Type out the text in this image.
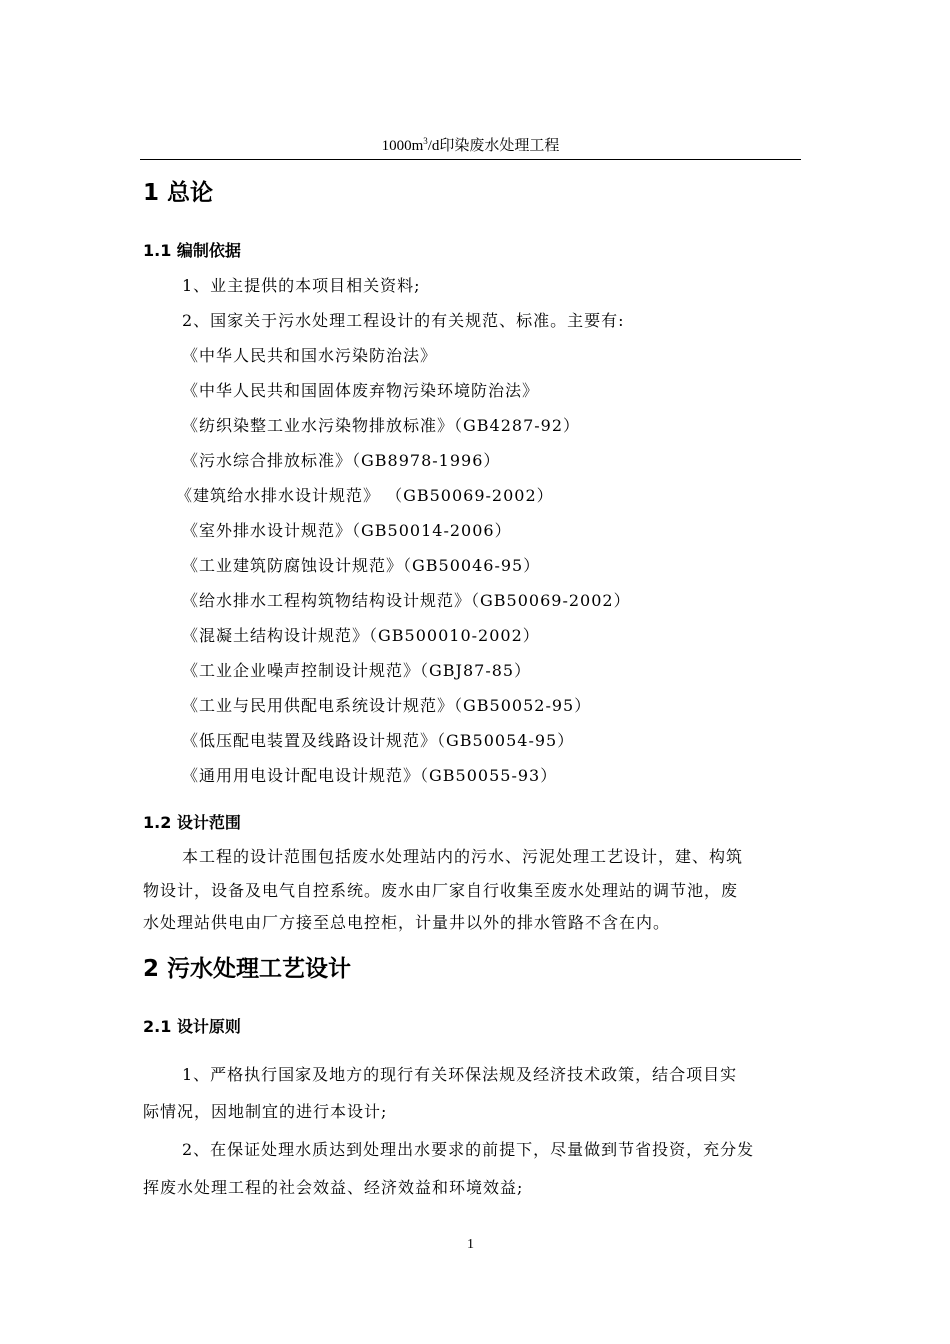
$1000m^3/d$印染废水处理工程
1 总论
1.1 编制依据
1、业主提供的本项目相关资料;
2、国家关于污水处理工程设计的有关规范、标准。主要有:
《中华人民共和国水污染防治法》
《中华人民共和国固体废弃物污染环境防治法》
《纺织染整工业水污染物排放标准》（GB4287-92）
《污水综合排放标准》（GB8978-1996）
《建筑给水排水设计规范》 （GB50069-2002）
《室外排水设计规范》（GB50014-2006）
《工业建筑防腐蚀设计规范》（GB50046-95）
《给水排水工程构筑物结构设计规范》（GB50069-2002）
《混凝土结构设计规范》（GB500010-2002）
《工业企业噪声控制设计规范》（GBJ87-85）
《工业与民用供配电系统设计规范》（GB50052-95）
《低压配电装置及线路设计规范》（GB50054-95）
《通用用电设计配电设计规范》（GB50055-93）
1.2 设计范围
本工程的设计范围包括废水处理站内的污水、污泥处理工艺设计，建、构筑
物设计，设备及电气自控系统。废水由厂家自行收集至废水处理站的调节池，废
水处理站供电由厂方接至总电控柜，计量井以外的排水管路不含在内。
2 污水处理工艺设计
2.1 设计原则
1、严格执行国家及地方的现行有关环保法规及经济技术政策，结合项目实
际情况，因地制宜的进行本设计;
2、在保证处理水质达到处理出水要求的前提下，尽量做到节省投资，充分发
挥废水处理工程的社会效益、经济效益和环境效益;
1
